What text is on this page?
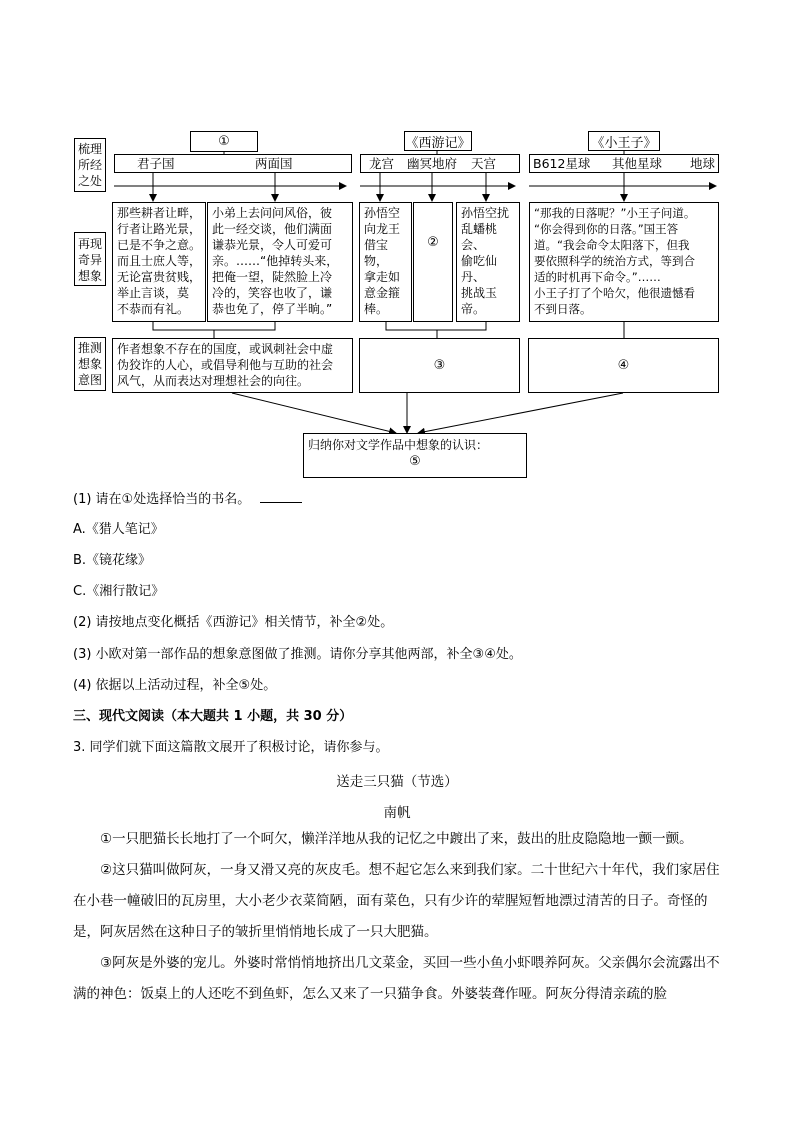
梳理
所经
之处
再现
奇异
想象
推测
想象
意图
①
君子国	两面国
那些耕者让畔，
行者让路光景，
已是不争之意。
而且士庶人等，
无论富贵贫贱，
举止言谈，莫
不恭而有礼。
小弟上去问问风俗，彼
此一经交谈，他们满面
谦恭光景，令人可爱可
亲。……“他掉转头来，
把俺一望，陡然脸上冷
冷的，笑容也收了，谦
恭也免了，停了半晌。”
作者想象不存在的国度，或讽刺社会中虚
伪狡诈的人心，或倡导利他与互助的社会
风气，从而表达对理想社会的向往。
《西游记》
龙宫 幽冥地府 天宫
孙悟空
向龙王
借宝物，
拿走如
意金箍
棒。
②
孙悟空扰
乱蟠桃会、
偷吃仙丹、
挑战玉帝。
③
《小王子》
B612星球 其他星球 地球
“那我的日落呢？”小王子问道。
“你会得到你的日落。”国王答
道。“我会命令太阳落下，但我
要依照科学的统治方式，等到合
适的时机再下命令。”……
小王子打了个哈欠，他很遗憾看
不到日落。
④
归纳你对文学作品中想象的认识：
⑤
(1) 请在①处选择恰当的书名。
A.《猎人笔记》
B.《镜花缘》
C.《湘行散记》
(2) 请按地点变化概括《西游记》相关情节，补全②处。
(3) 小欧对第一部作品的想象意图做了推测。请你分享其他两部，补全③④处。
(4) 依据以上活动过程，补全⑤处。
三、现代文阅读（本大题共 1 小题，共 30 分）
3. 同学们就下面这篇散文展开了积极讨论，请你参与。
送走三只猫（节选）
南帆
①一只肥猫长长地打了一个呵欠，懒洋洋地从我的记忆之中踱出了来，鼓出的肚皮隐隐地一颤一颤。
②这只猫叫做阿灰，一身又滑又亮的灰皮毛。想不起它怎么来到我们家。二十世纪六十年代，我们家居住在小巷一幢破旧的瓦房里，大小老少衣菜简陋，面有菜色，只有少许的荤腥短暂地漂过清苦的日子。奇怪的是，阿灰居然在这种日子的皱折里悄悄地长成了一只大肥猫。
③阿灰是外婆的宠儿。外婆时常悄悄地挤出几文菜金，买回一些小鱼小虾喂养阿灰。父亲偶尔会流露出不满的神色：饭桌上的人还吃不到鱼虾，怎么又来了一只猫争食。外婆装聋作哑。阿灰分得清亲疏的脸
